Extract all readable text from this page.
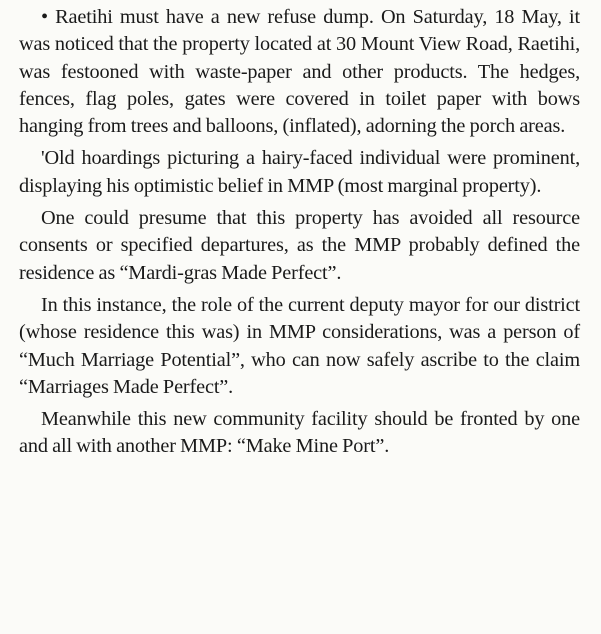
• Raetihi must have a new refuse dump. On Saturday, 18 May, it was noticed that the property located at 30 Mount View Road, Raetihi, was festooned with waste-paper and other products. The hedges, fences, flag poles, gates were covered in toilet paper with bows hanging from trees and balloons, (inflated), adorning the porch areas.

'Old hoardings picturing a hairy-faced individual were prominent, displaying his optimistic belief in MMP (most marginal property).

One could presume that this property has avoided all resource consents or specified departures, as the MMP probably defined the residence as “Mardi-gras Made Perfect”.

In this instance, the role of the current deputy mayor for our district (whose residence this was) in MMP considerations, was a person of “Much Marriage Potential”, who can now safely ascribe to the claim “Marriages Made Perfect”.

Meanwhile this new community facility should be fronted by one and all with another MMP: “Make Mine Port”.
